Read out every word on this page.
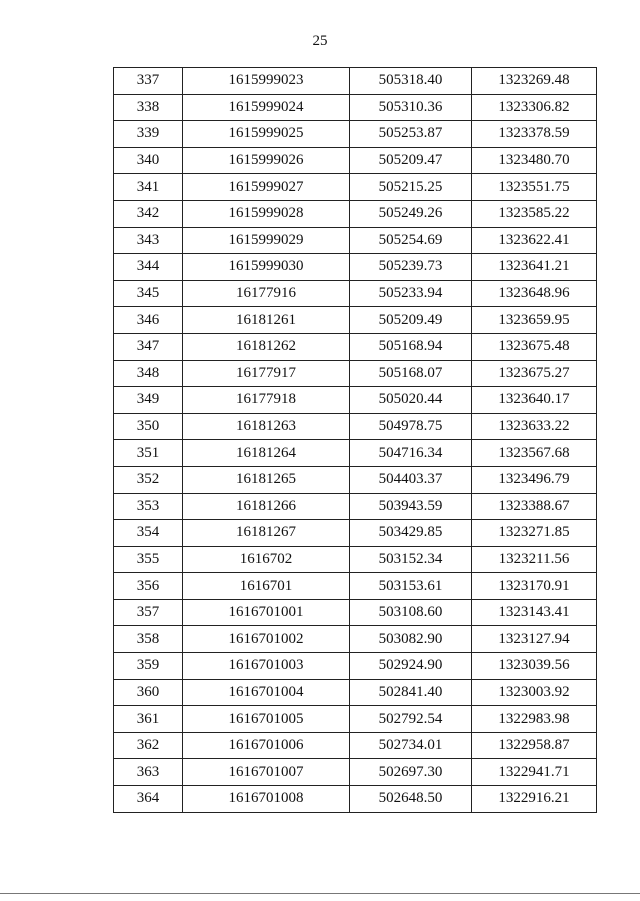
25
337	1615999023	505318.40	1323269.48
338	1615999024	505310.36	1323306.82
339	1615999025	505253.87	1323378.59
340	1615999026	505209.47	1323480.70
341	1615999027	505215.25	1323551.75
342	1615999028	505249.26	1323585.22
343	1615999029	505254.69	1323622.41
344	1615999030	505239.73	1323641.21
345	16177916	505233.94	1323648.96
346	16181261	505209.49	1323659.95
347	16181262	505168.94	1323675.48
348	16177917	505168.07	1323675.27
349	16177918	505020.44	1323640.17
350	16181263	504978.75	1323633.22
351	16181264	504716.34	1323567.68
352	16181265	504403.37	1323496.79
353	16181266	503943.59	1323388.67
354	16181267	503429.85	1323271.85
355	1616702	503152.34	1323211.56
356	1616701	503153.61	1323170.91
357	1616701001	503108.60	1323143.41
358	1616701002	503082.90	1323127.94
359	1616701003	502924.90	1323039.56
360	1616701004	502841.40	1323003.92
361	1616701005	502792.54	1322983.98
362	1616701006	502734.01	1322958.87
363	1616701007	502697.30	1322941.71
364	1616701008	502648.50	1322916.21
